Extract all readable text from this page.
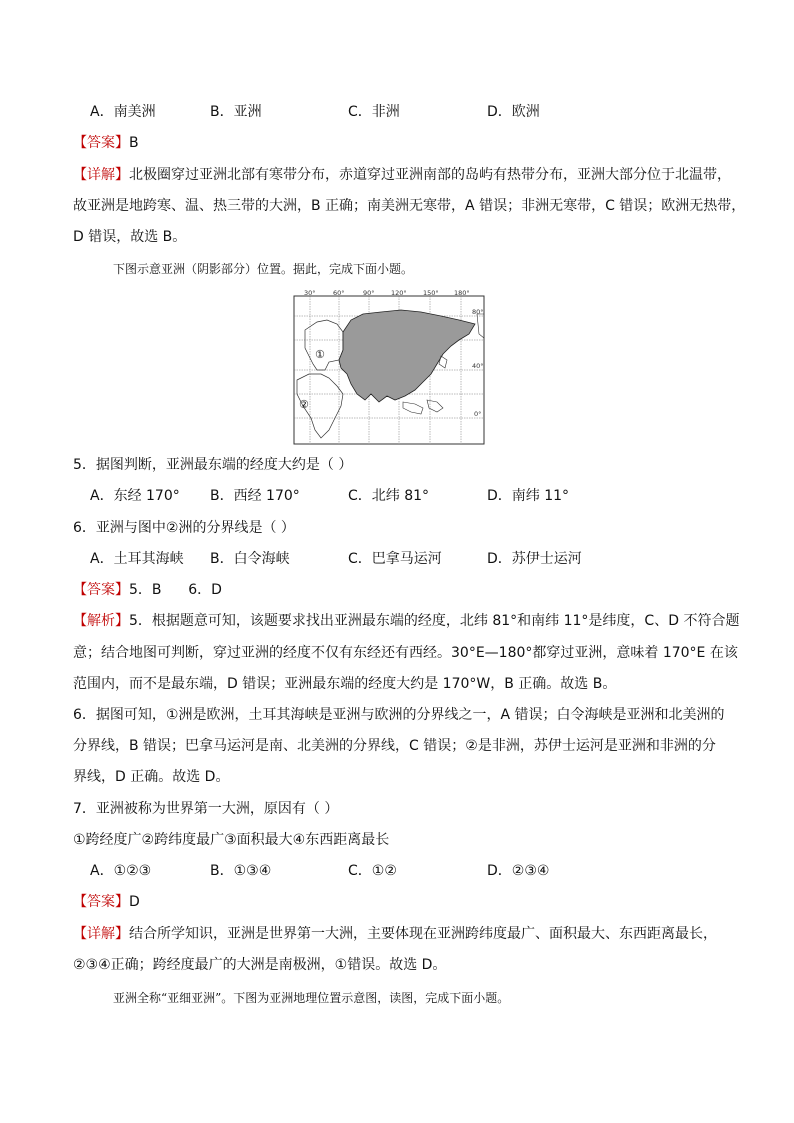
A．南美洲	B．亚洲	C．非洲	D．欧洲
【答案】B
【详解】北极圈穿过亚洲北部有寒带分布，赤道穿过亚洲南部的岛屿有热带分布，亚洲大部分位于北温带，
故亚洲是地跨寒、温、热三带的大洲，B 正确；南美洲无寒带，A 错误；非洲无寒带，C 错误；欧洲无热带，
D 错误，故选 B。
下图示意亚洲（阴影部分）位置。据此，完成下面小题。
30°	60°	90°	120°	150° 180°
80°
40°
0°
①
②
5．据图判断，亚洲最东端的经度大约是（ ）
A．东经 170° B．西经 170°	C．北纬 81°	D．南纬 11°
6．亚洲与图中②洲的分界线是（ ）
A．土耳其海峡 B．白令海峡	C．巴拿马运河	D．苏伊士运河
【答案】5．B      6．D
【解析】5．根据题意可知，该题要求找出亚洲最东端的经度，北纬 81°和南纬 11°是纬度，C、D 不符合题
意；结合地图可判断，穿过亚洲的经度不仅有东经还有西经。30°E—180°都穿过亚洲，意味着 170°E 在该
范围内，而不是最东端，D 错误；亚洲最东端的经度大约是 170°W，B 正确。故选 B。
6．据图可知，①洲是欧洲，土耳其海峡是亚洲与欧洲的分界线之一，A 错误；白令海峡是亚洲和北美洲的
分界线，B 错误；巴拿马运河是南、北美洲的分界线，C 错误；②是非洲，苏伊士运河是亚洲和非洲的分
界线，D 正确。故选 D。
7．亚洲被称为世界第一大洲，原因有（ ）
①跨经度广②跨纬度最广③面积最大④东西距离最长
A．①②③	B．①③④	C．①②	D．②③④
【答案】D
【详解】结合所学知识，亚洲是世界第一大洲，主要体现在亚洲跨纬度最广、面积最大、东西距离最长，
②③④正确；跨经度最广的大洲是南极洲，①错误。故选 D。
亚洲全称“亚细亚洲”。下图为亚洲地理位置示意图，读图，完成下面小题。
